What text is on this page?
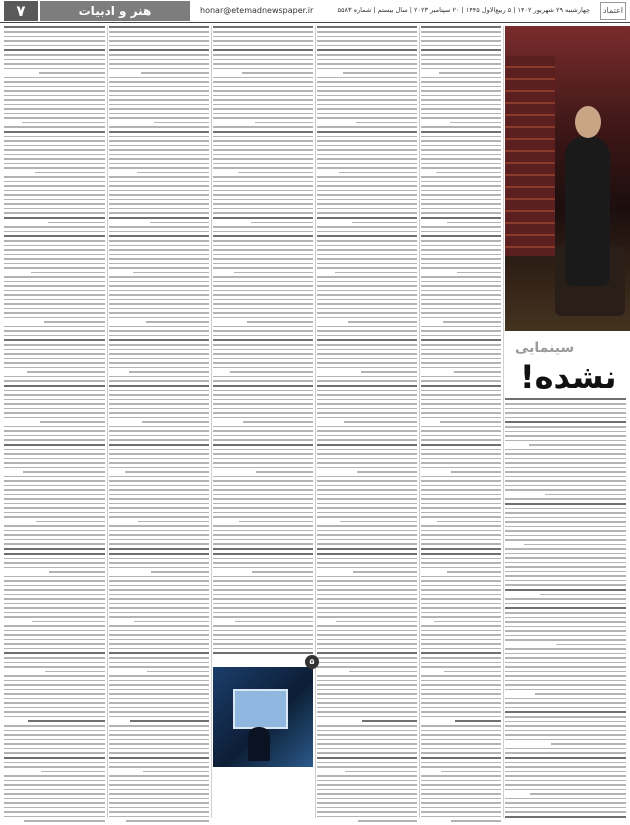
۷	هنر و ادبیات	honar@etemadnewspaper.ir	چهارشنبه ۲۹ شهریور ۱۴۰۲ | ۵ ربیع‌الاول ۱۴۴۵ | ۲۰ سپتامبر ۲۰۲۳ | سال بیستم | شماره ۵۵۸۳	اعتماد
سینمایی
نشده!
۵
